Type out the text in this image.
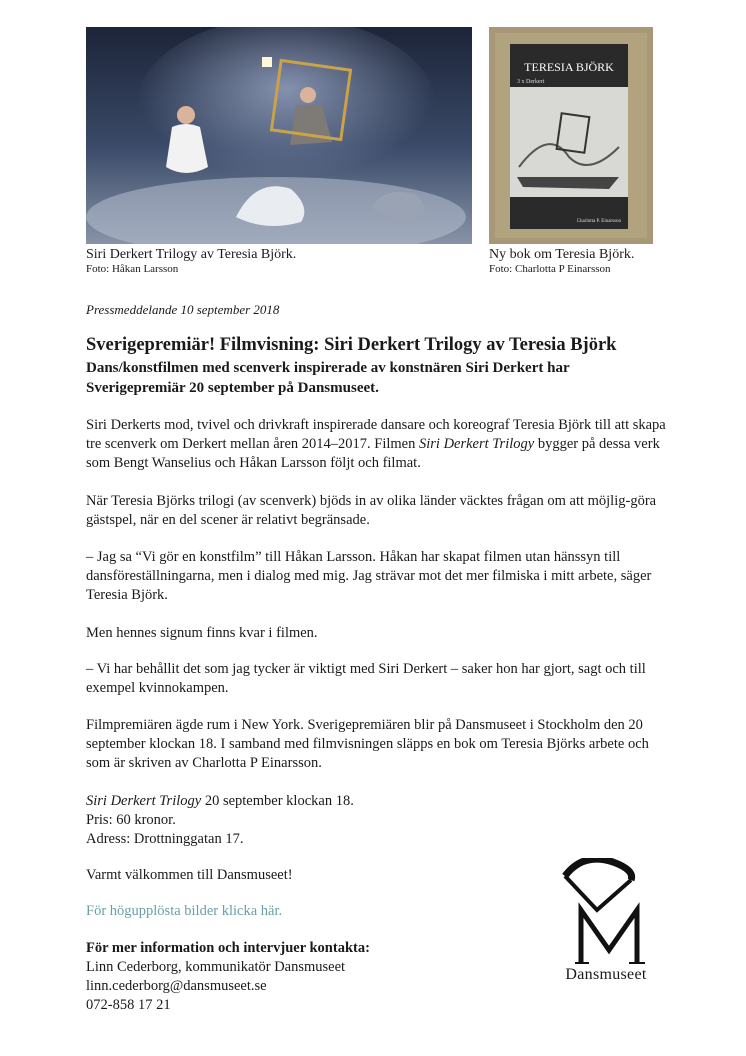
Siri Derkert Trilogy av Teresia Björk.
Foto: Håkan Larsson
TERESIA BJÖRK
3 x Derkert
Charlotta P. Einarsson
Ny bok om Teresia Björk.
Foto: Charlotta P Einarsson
Pressmeddelande 10 september 2018
Sverigepremiär! Filmvisning: Siri Derkert Trilogy av Teresia Björk
Dans/konstfilmen med scenverk inspirerade av konstnären Siri Derkert har Sverigepremiär 20 september på Dansmuseet.

Siri Derkerts mod, tvivel och drivkraft inspirerade dansare och koreograf Teresia Björk till att skapa tre scenverk om Derkert mellan åren 2014–2017. Filmen Siri Derkert Trilogy bygger på dessa verk som Bengt Wanselius och Håkan Larsson följt och filmat.

När Teresia Björks trilogi (av scenverk) bjöds in av olika länder väcktes frågan om att möjlig-göra gästspel, när en del scener är relativt begränsade.
– Jag sa “Vi gör en konstfilm” till Håkan Larsson. Håkan har skapat filmen utan hänssyn till dansföreställningarna, men i dialog med mig. Jag strävar mot det mer filmiska i mitt arbete, säger Teresia Björk.
Men hennes signum finns kvar i filmen.
– Vi har behållit det som jag tycker är viktigt med Siri Derkert – saker hon har gjort, sagt och till exempel kvinnokampen.
Filmpremiären ägde rum i New York. Sverigepremiären blir på Dansmuseet i Stockholm den 20 september klockan 18. I samband med filmvisningen släpps en bok om Teresia Björks arbete och som är skriven av Charlotta P Einarsson.

Siri Derkert Trilogy 20 september klockan 18.

Pris: 60 kronor.

Adress: Drottninggatan 17.

Varmt välkommen till Dansmuseet!
För högupplösta bilder klicka här.

För mer information och intervjuer kontakta:

Linn Cederborg, kommunikatör Dansmuseet

linn.cederborg@dansmuseet.se

072-858 17 21

Dansmuseet
